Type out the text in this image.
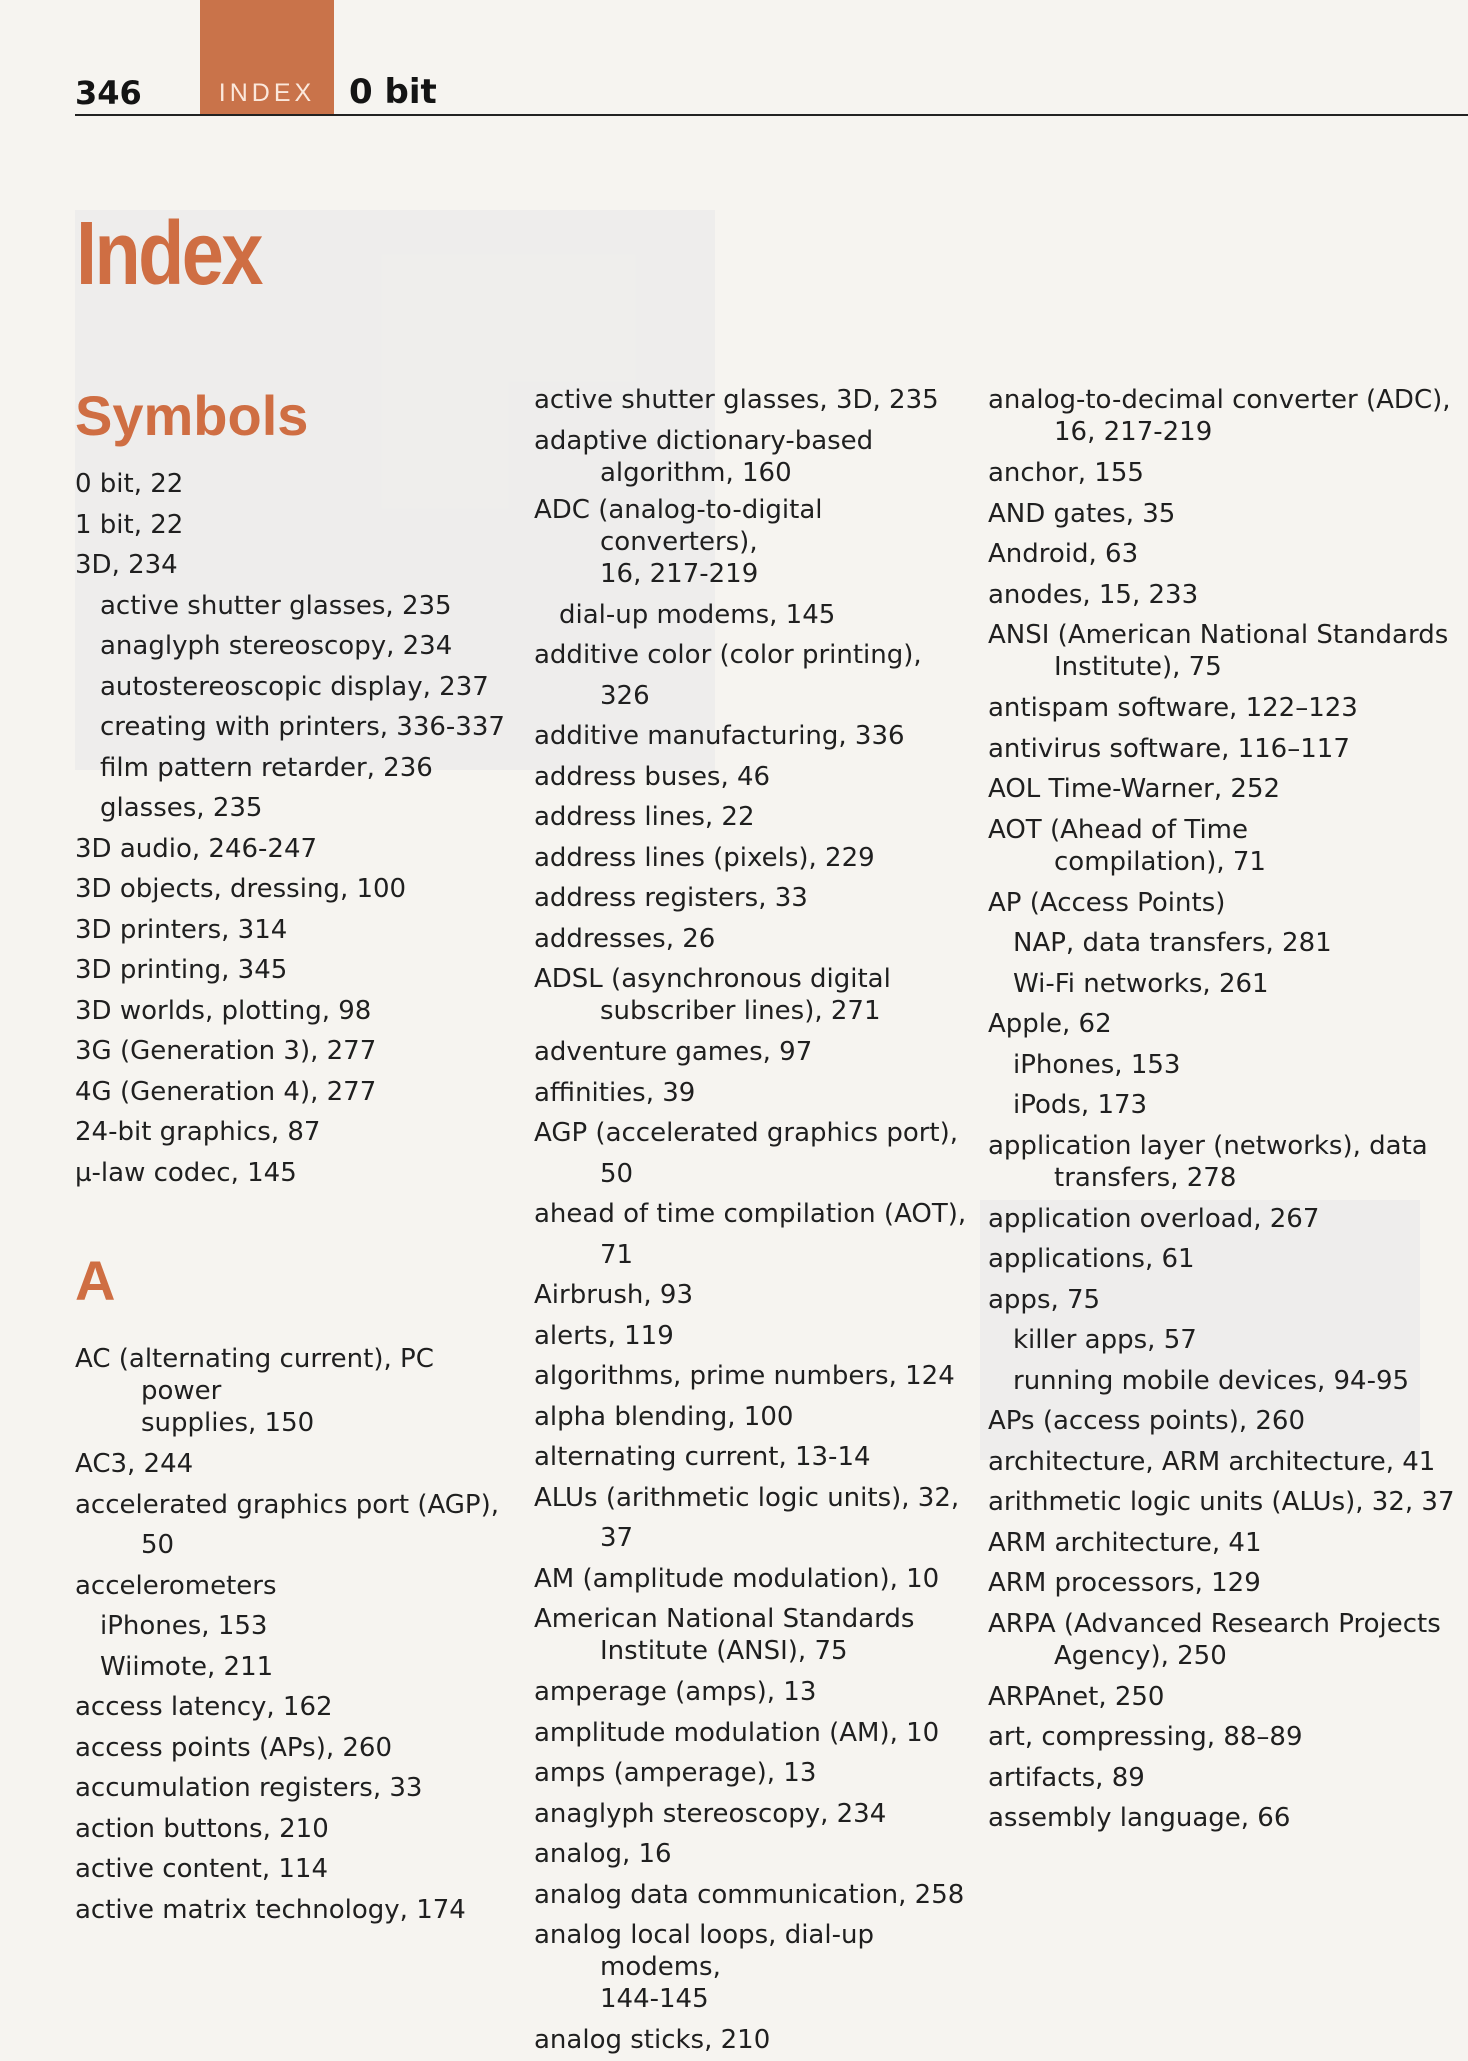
346	INDEX 0 bit
Index
Symbols
0 bit, 22
1 bit, 22
3D, 234
active shutter glasses, 235
anaglyph stereoscopy, 234
autostereoscopic display, 237
creating with printers, 336-337
film pattern retarder, 236
glasses, 235
3D audio, 246-247
3D objects, dressing, 100
3D printers, 314
3D printing, 345
3D worlds, plotting, 98
3G (Generation 3), 277
4G (Generation 4), 277
24-bit graphics, 87
µ-law codec, 145
A
AC (alternating current), PC power
supplies, 150
AC3, 244
accelerated graphics port (AGP), 50
accelerometers
iPhones, 153
Wiimote, 211
access latency, 162
access points (APs), 260
accumulation registers, 33
action buttons, 210
active content, 114
active matrix technology, 174
active shutter glasses, 3D, 235
adaptive dictionary-based
algorithm, 160
ADC (analog-to-digital converters),
16, 217-219
dial-up modems, 145
additive color (color printing), 326
additive manufacturing, 336
address buses, 46
address lines, 22
address lines (pixels), 229
address registers, 33
addresses, 26
ADSL (asynchronous digital
subscriber lines), 271
adventure games, 97
affinities, 39
AGP (accelerated graphics port), 50
ahead of time compilation (AOT), 71
Airbrush, 93
alerts, 119
algorithms, prime numbers, 124
alpha blending, 100
alternating current, 13-14
ALUs (arithmetic logic units), 32, 37
AM (amplitude modulation), 10
American National Standards
Institute (ANSI), 75
amperage (amps), 13
amplitude modulation (AM), 10
amps (amperage), 13
anaglyph stereoscopy, 234
analog, 16
analog data communication, 258
analog local loops, dial-up modems,
144-145
analog sticks, 210
analog-to-decimal converter (ADC),
16, 217-219
anchor, 155
AND gates, 35
Android, 63
anodes, 15, 233
ANSI (American National Standards
Institute), 75
antispam software, 122–123
antivirus software, 116–117
AOL Time-Warner, 252
AOT (Ahead of Time
compilation), 71
AP (Access Points)
NAP, data transfers, 281
Wi-Fi networks, 261
Apple, 62
iPhones, 153
iPods, 173
application layer (networks), data
transfers, 278
application overload, 267
applications, 61
apps, 75
killer apps, 57
running mobile devices, 94-95
APs (access points), 260
architecture, ARM architecture, 41
arithmetic logic units (ALUs), 32, 37
ARM architecture, 41
ARM processors, 129
ARPA (Advanced Research Projects
Agency), 250
ARPAnet, 250
art, compressing, 88–89
artifacts, 89
assembly language, 66
